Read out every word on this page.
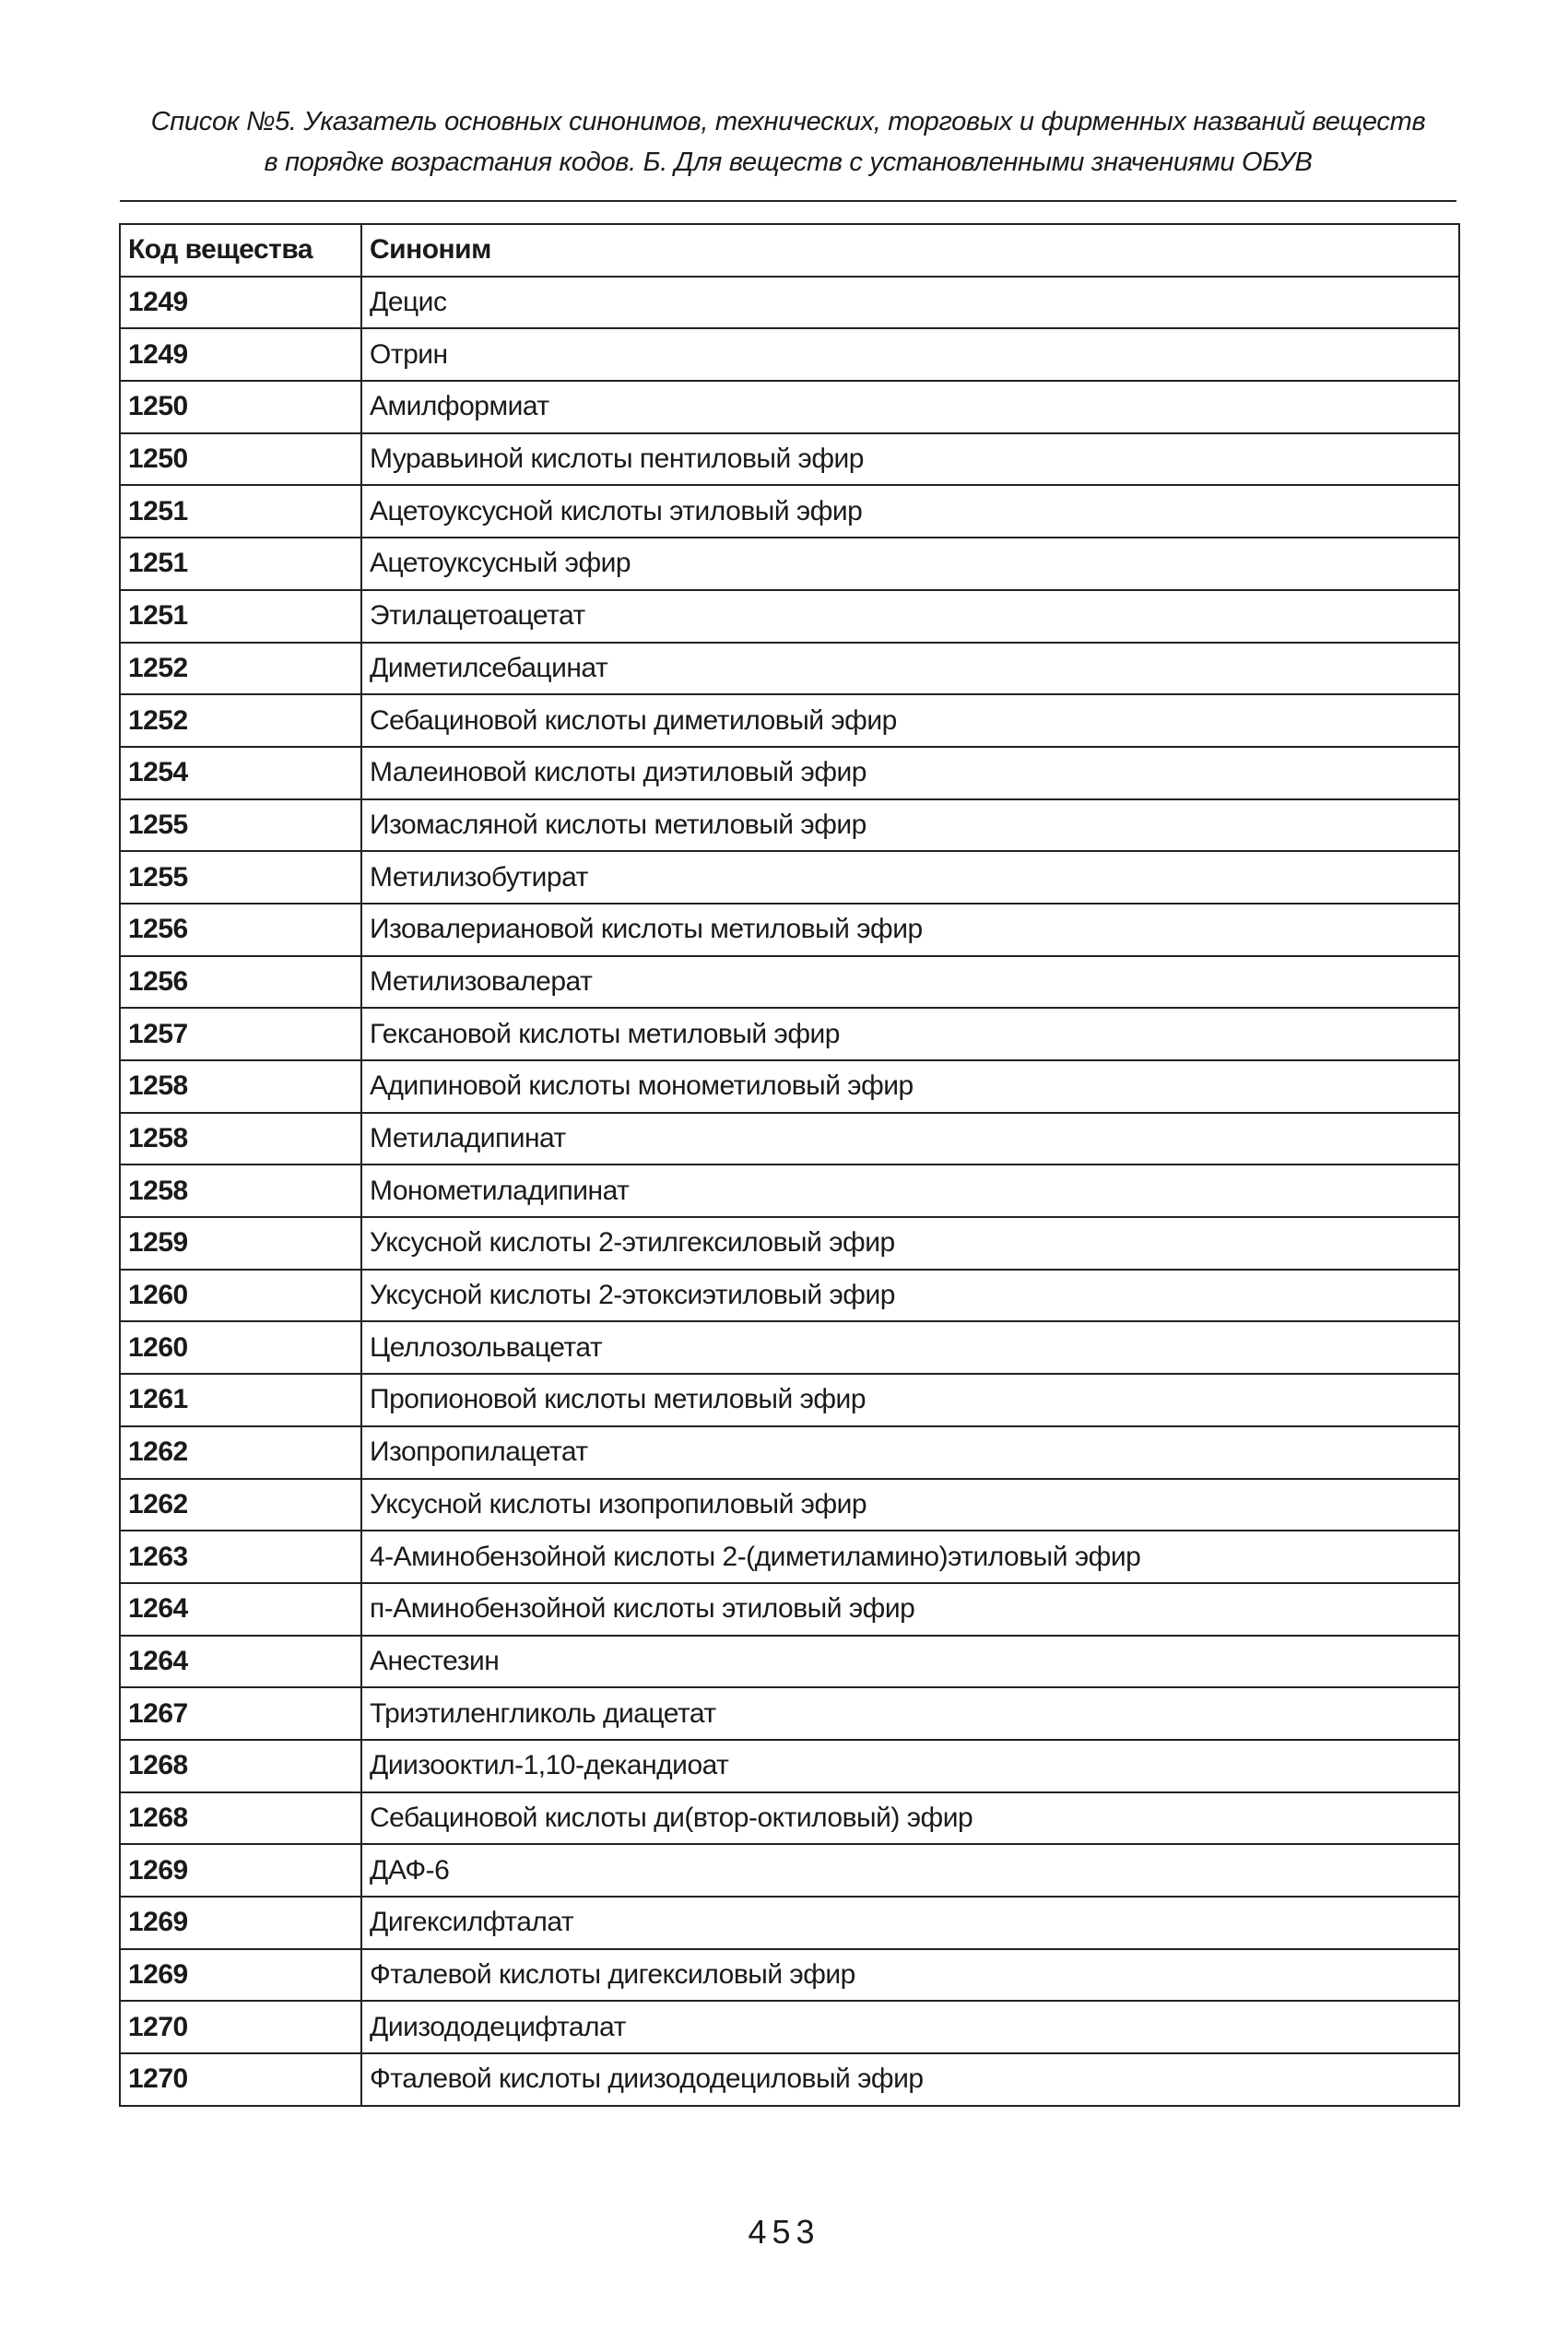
Список №5. Указатель основных синонимов, технических, торговых и фирменных названий веществ
в порядке возрастания кодов. Б. Для веществ с установленными значениями ОБУВ
Код вещества	Синоним
1249	Децис
1249	Отрин
1250	Амилформиат
1250	Муравьиной кислоты пентиловый эфир
1251	Ацетоуксусной кислоты этиловый эфир
1251	Ацетоуксусный эфир
1251	Этилацетоацетат
1252	Диметилсебацинат
1252	Себациновой кислоты диметиловый эфир
1254	Малеиновой кислоты диэтиловый эфир
1255	Изомасляной кислоты метиловый эфир
1255	Метилизобутират
1256	Изовалериановой кислоты метиловый эфир
1256	Метилизовалерат
1257	Гексановой кислоты метиловый эфир
1258	Адипиновой кислоты монометиловый эфир
1258	Метиладипинат
1258	Монометиладипинат
1259	Уксусной кислоты 2-этилгексиловый эфир
1260	Уксусной кислоты 2-этоксиэтиловый эфир
1260	Целлозольвацетат
1261	Пропионовой кислоты метиловый эфир
1262	Изопропилацетат
1262	Уксусной кислоты изопропиловый эфир
1263	4-Аминобензойной кислоты 2-(диметиламино)этиловый эфир
1264	п-Аминобензойной кислоты этиловый эфир
1264	Анестезин
1267	Триэтиленгликоль диацетат
1268	Диизооктил-1,10-декандиоат
1268	Себациновой кислоты ди(втор-октиловый) эфир
1269	ДАФ-6
1269	Дигексилфталат
1269	Фталевой кислоты дигексиловый эфир
1270	Диизододецифталат
1270	Фталевой кислоты диизододециловый эфир
453
